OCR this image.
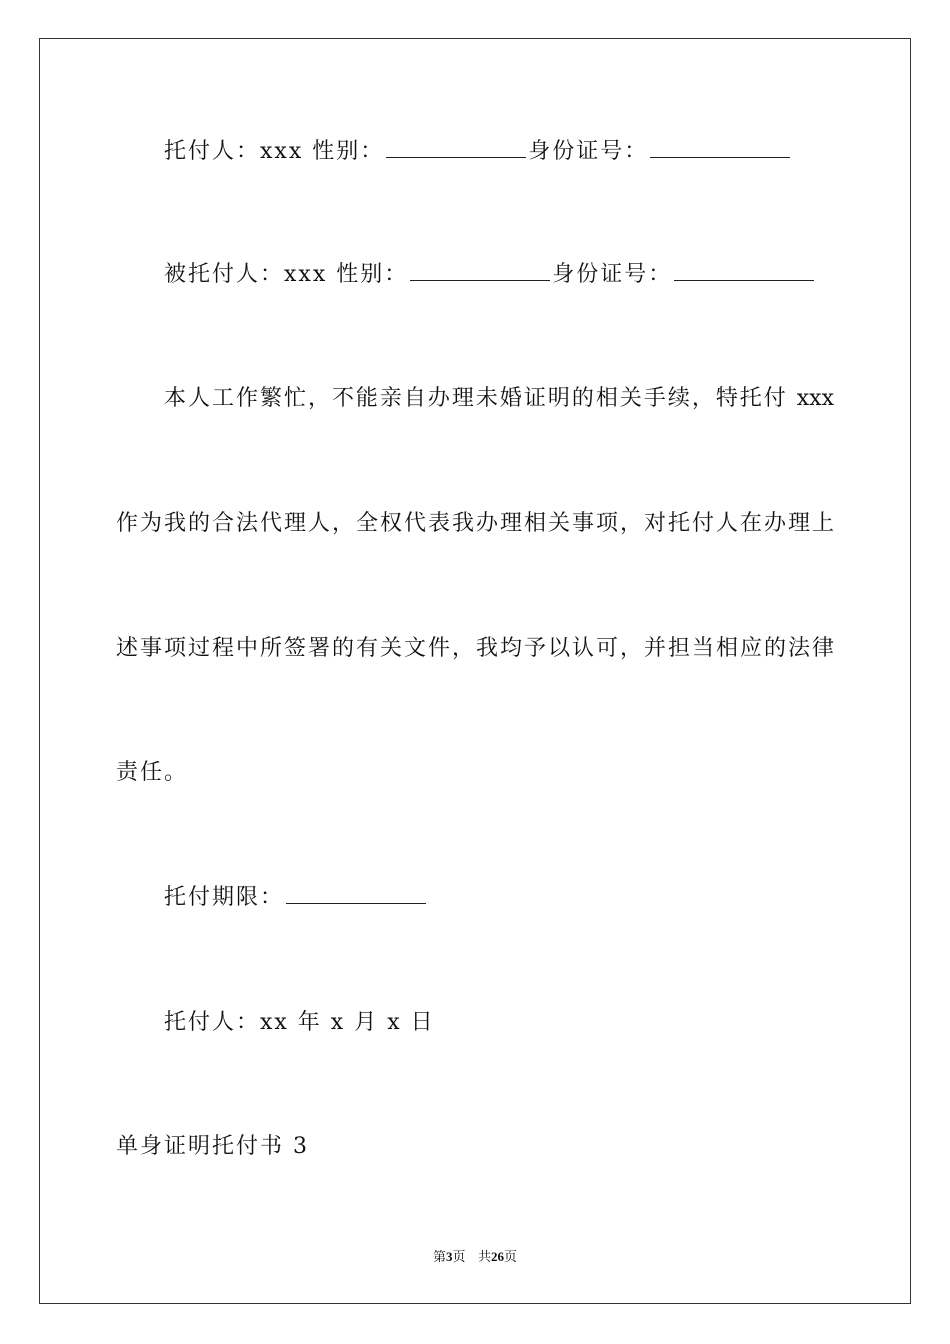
托付人：xxx 性别：	身份证号：
被托付人：xxx 性别：	身份证号：
本人工作繁忙，不能亲自办理未婚证明的相关手续，特托付 xxx
作为我的合法代理人，全权代表我办理相关事项，对托付人在办理上
述事项过程中所签署的有关文件，我均予以认可，并担当相应的法律
责任。
托付期限：
托付人：xx 年 x 月 x 日
单身证明托付书 3
第3页 共26页
